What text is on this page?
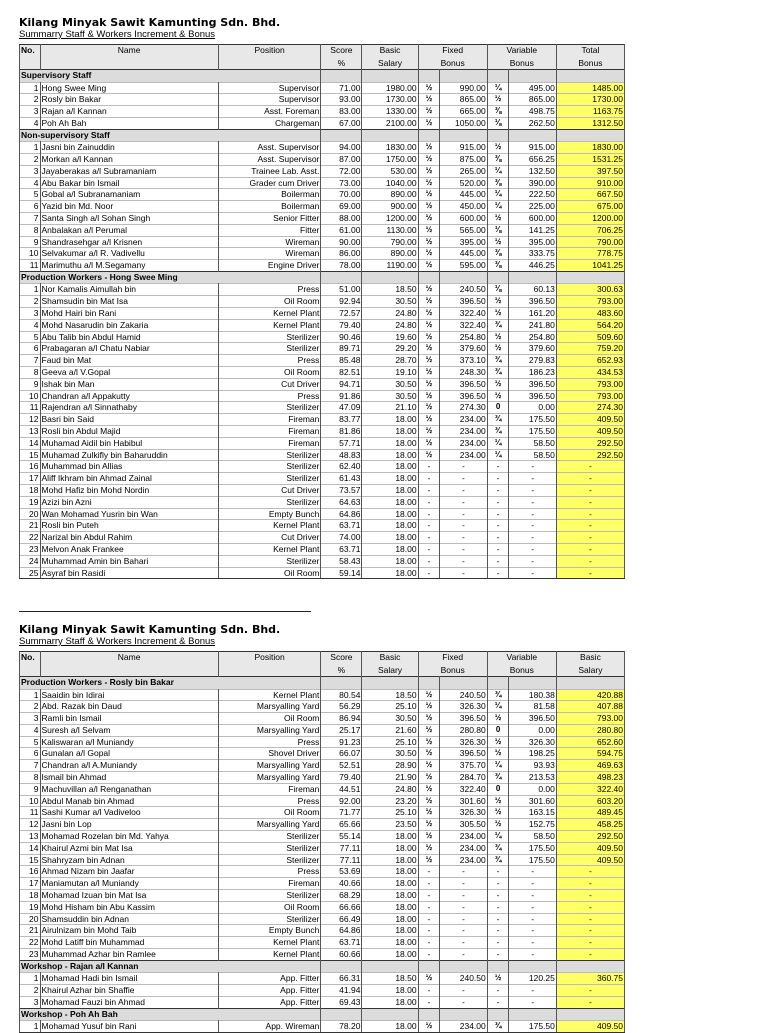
Kilang Minyak Sawit Kamunting Sdn. Bhd.
Summarry Staff & Workers Increment & Bonus
No.	Name	Position	Score	Basic	Fixed		Variable		Total
			%	Salary	Bonus		Bonus		Bonus
Supervisory Staff									
1	Hong Swee Ming	Supervisor	71.00	1980.00	½	990.00	¼	495.00	1485.00
2	Rosly bin Bakar	Supervisor	93.00	1730.00	½	865.00	½	865.00	1730.00
3	Rajan a/l Kannan	Asst. Foreman	83.00	1330.00	½	665.00	⅜	498.75	1163.75
4	Poh Ah Bah	Chargeman	67.00	2100.00	½	1050.00	⅛	262.50	1312.50
Non-supervisory Staff									
1	Jasni bin Zainuddin	Asst. Supervisor	94.00	1830.00	½	915.00	½	915.00	1830.00
2	Morkan a/l Kannan	Asst. Supervisor	87.00	1750.00	½	875.00	⅜	656.25	1531.25
3	Jayaberakas a/l Subramaniam	Trainee Lab. Asst.	72.00	530.00	½	265.00	¼	132.50	397.50
4	Abu Bakar bin Ismail	Grader cum Driver	73.00	1040.00	½	520.00	⅜	390.00	910.00
5	Gobal a/l Subranamaniam	Boilerman	70.00	890.00	½	445.00	¼	222.50	667.50
6	Yazid bin Md. Noor	Boilerman	69.00	900.00	½	450.00	¼	225.00	675.00
7	Santa Singh a/l Sohan Singh	Senior Fitter	88.00	1200.00	½	600.00	½	600.00	1200.00
8	Anbalakan a/l Perumal	Fitter	61.00	1130.00	½	565.00	⅛	141.25	706.25
9	Shandrasehgar a/l Krisnen	Wireman	90.00	790.00	½	395.00	½	395.00	790.00
10	Selvakumar a/l R. Vadivellu	Wireman	86.00	890.00	½	445.00	⅜	333.75	778.75
11	Marimuthu a/l M.Segamany	Engine Driver	78.00	1190.00	½	595.00	⅜	446.25	1041.25
Production Workers - Hong Swee Ming									
1	Nor Kamalis Aimullah bin	Press	51.00	18.50	½	240.50	⅛	60.13	300.63
2	Shamsudin bin Mat Isa	Oil Room	92.94	30.50	½	396.50	½	396.50	793.00
3	Mohd Hairi bin Rani	Kernel Plant	72.57	24.80	½	322.40	½	161.20	483.60
4	Mohd Nasarudin bin Zakaria	Kernel Plant	79.40	24.80	½	322.40	¾	241.80	564.20
5	Abu Talib bin Abdul Hamid	Sterilizer	90.46	19.60	½	254.80	½	254.80	509.60
6	Prabagaran a/l Chatu Nabiar	Sterilizer	89.71	29.20	½	379.60	½	379.60	759.20
7	Faud bin Mat	Press	85.48	28.70	½	373.10	¾	279.83	652.93
8	Geeva a/l V.Gopal	Oil Room	82.51	19.10	½	248.30	¾	186.23	434.53
9	Ishak bin Man	Cut Driver	94.71	30.50	½	396.50	½	396.50	793.00
10	Chandran a/l Appakutty	Press	91.86	30.50	½	396.50	½	396.50	793.00
11	Rajendran a/l Sinnathaby	Sterilizer	47.09	21.10	½	274.30	0	0.00	274.30
12	Basri bin Said	Fireman	83.77	18.00	½	234.00	¾	175.50	409.50
13	Rosli bin Abdul Majid	Fireman	81.86	18.00	½	234.00	¾	175.50	409.50
14	Muhamad Aidil bin Habibul	Fireman	57.71	18.00	½	234.00	¼	58.50	292.50
15	Muhamad Zulkifly bin Baharuddin	Sterilizer	48.83	18.00	½	234.00	¼	58.50	292.50
16	Muhammad bin Allias	Sterilizer	62.40	18.00	-	-	-	-	-
17	Aliff Ikhram bin Ahmad Zainal	Sterilizer	61.43	18.00	-	-	-	-	-
18	Mohd Hafiz bin Mohd Nordin	Cut Driver	73.57	18.00	-	-	-	-	-
19	Azizi bin Azni	Sterilizer	64.63	18.00	-	-	-	-	-
20	Wan Mohamad Yusrin bin Wan	Empty Bunch	64.86	18.00	-	-	-	-	-
21	Rosli bin Puteh	Kernel Plant	63.71	18.00	-	-	-	-	-
22	Narizal bin Abdul Rahim	Cut Driver	74.00	18.00	-	-	-	-	-
23	Melvon Anak Frankee	Kernel Plant	63.71	18.00	-	-	-	-	-
24	Muhammad Amin bin Bahari	Sterilizer	58.43	18.00	-	-	-	-	-
25	Asyraf bin Rasidi	Oil Room	59.14	18.00	-	-	-	-	-
Kilang Minyak Sawit Kamunting Sdn. Bhd.
Summarry Staff & Workers Increment & Bonus
No.	Name	Position	Score	Basic	Fixed		Variable		Basic
			%	Salary	Bonus		Bonus		Salary
Production Workers - Rosly bin Bakar									
1	Saaidin bin Idirai	Kernel Plant	80.54	18.50	½	240.50	¾	180.38	420.88
2	Abd. Razak bin Daud	Marsyalling Yard	56.29	25.10	½	326.30	¼	81.58	407.88
3	Ramli bin Ismail	Oil Room	86.94	30.50	½	396.50	½	396.50	793.00
4	Suresh a/l Selvam	Marsyalling Yard	25.17	21.60	½	280.80	0	0.00	280.80
5	Kaliswaran a/l Muniandy	Press	91.23	25.10	½	326.30	½	326.30	652.60
6	Gunalan a/l Gopal	Shovel Driver	66.07	30.50	½	396.50	½	198.25	594.75
7	Chandran a/l A.Muniandy	Marsyalling Yard	52.51	28.90	½	375.70	¼	93.93	469.63
8	Ismail bin Ahmad	Marsyalling Yard	79.40	21.90	½	284.70	¾	213.53	498.23
9	Machuvillan a/l Renganathan	Fireman	44.51	24.80	½	322.40	0	0.00	322.40
10	Abdul Manab bin Ahmad	Press	92.00	23.20	½	301.60	½	301.60	603.20
11	Sashi Kumar a/l Vadiveloo	Oil Room	71.77	25.10	½	326.30	½	163.15	489.45
12	Jasni bin Lop	Marsyalling Yard	65.66	23.50	½	305.50	½	152.75	458.25
13	Mohamad Rozelan bin Md. Yahya	Sterilizer	55.14	18.00	½	234.00	¼	58.50	292.50
14	Khairul Azmi bin Mat Isa	Sterilizer	77.11	18.00	½	234.00	¾	175.50	409.50
15	Shahryzam bin Adnan	Sterilizer	77.11	18.00	½	234.00	¾	175.50	409.50
16	Ahmad Nizam bin Jaafar	Press	53.69	18.00	-	-	-	-	-
17	Maniamutan a/l Muniandy	Fireman	40.66	18.00	-	-	-	-	-
18	Mohamad Izuan bin Mat Isa	Sterilizer	68.29	18.00	-	-	-	-	-
19	Mohd Hisham bin Abu Kassim	Oil Room	66.66	18.00	-	-	-	-	-
20	Shamsuddin bin Adnan	Sterilizer	66.49	18.00	-	-	-	-	-
21	Airulnizam bin Mohd Taib	Empty Bunch	64.86	18.00	-	-	-	-	-
22	Mohd Latiff bin Muhammad	Kernel Plant	63.71	18.00	-	-	-	-	-
23	Muhammad Azhar bin Ramlee	Kernel Plant	60.66	18.00	-	-	-	-	-
Workshop - Rajan a/l Kannan									
1	Mohamad Hadi bin Ismail	App. Fitter	66.31	18.50	½	240.50	½	120.25	360.75
2	Khairul Azhar bin Shaffie	App. Fitter	41.94	18.00	-	-	-	-	-
3	Mohamad Fauzi bin Ahmad	App. Fitter	69.43	18.00	-	-	-	-	-
Workshop - Poh Ah Bah									
1	Mohamad Yusuf bin Rani	App. Wireman	78.20	18.00	½	234.00	¾	175.50	409.50
